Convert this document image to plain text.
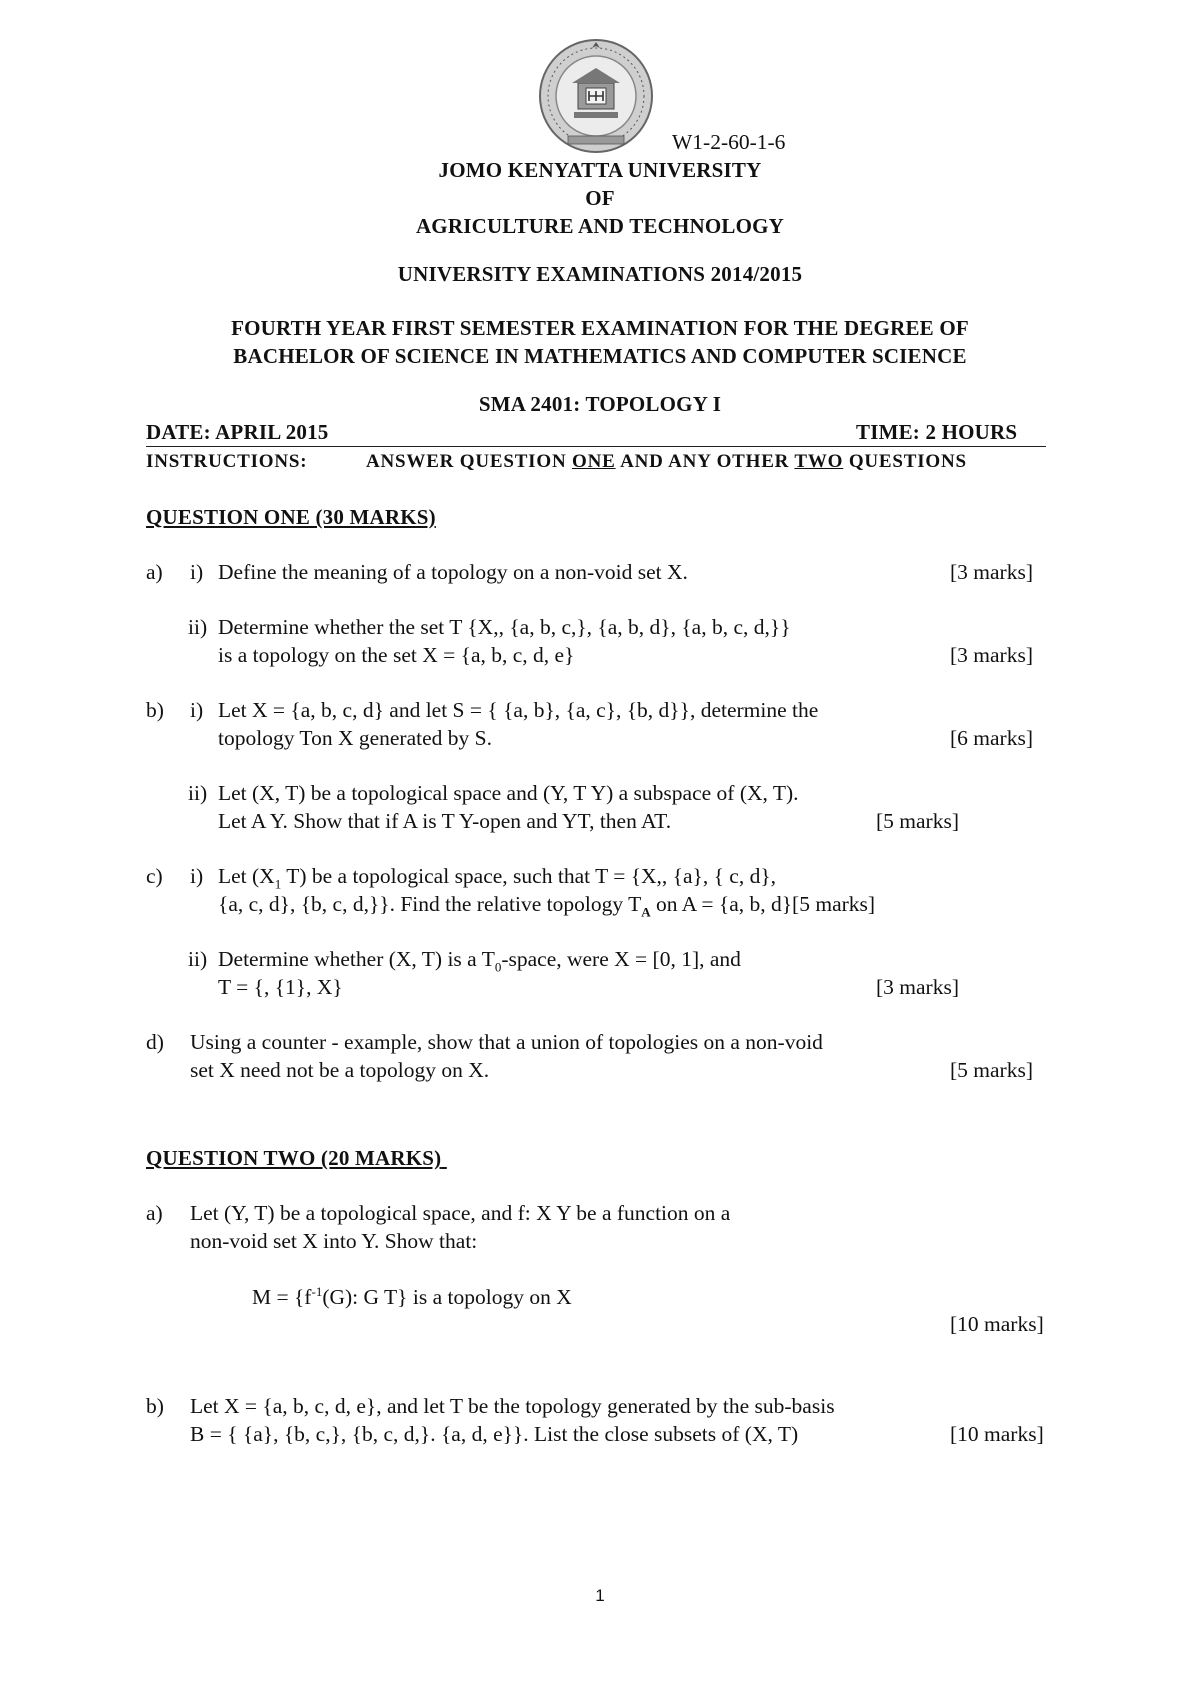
W1-2-60-1-6
JOMO KENYATTA UNIVERSITY
OF
AGRICULTURE AND TECHNOLOGY
UNIVERSITY EXAMINATIONS 2014/2015
FOURTH YEAR FIRST SEMESTER EXAMINATION FOR THE DEGREE OF
BACHELOR OF SCIENCE IN MATHEMATICS AND COMPUTER SCIENCE
SMA 2401: TOPOLOGY I
DATE: APRIL 2015	TIME: 2 HOURS
INSTRUCTIONS:	ANSWER QUESTION ONE AND ANY OTHER TWO QUESTIONS
QUESTION ONE (30 MARKS)
a) i) Define the meaning of a topology on a non-void set X.	[3 marks]
ii) Determine whether the set T {X,, {a, b, c,}, {a, b, d}, {a, b, c, d,}}
is a topology on the set X = {a, b, c, d, e}	[3 marks]
b) i) Let X = {a, b, c, d} and let S = { {a, b}, {a, c}, {b, d}}, determine the
topology Ton X generated by S.	[6 marks]
ii) Let (X, T) be a topological space and (Y, T Y) a subspace of (X, T).
Let A Y. Show that if A is T Y-open and YT, then AT.	[5 marks]
c) i) Let ($X_1$ T) be a topological space, such that T = {X,, {a}, { c, d},
{a, c, d}, {b, c, d,}}. Find the relative topology $T_A$ on A = {a, b, d}[5 marks]
ii) Determine whether (X, T) is a $T_0$-space, were X = [0, 1], and
T = {, {1}, X}	[3 marks]
d) Using a counter - example, show that a union of topologies on a non-void
set X need not be a topology on X.	[5 marks]
QUESTION TWO (20 MARKS)
a) Let (Y, T) be a topological space, and f: X Y be a function on a
non-void set X into Y. Show that:
$M = \{f^{-1}(G)$: G T} is a topology on X
[10 marks]
b) Let X = {a, b, c, d, e}, and let T be the topology generated by the sub-basis
B = { {a}, {b, c,}, {b, c, d,}. {a, d, e}}. List the close subsets of (X, T)	[10 marks]
1
